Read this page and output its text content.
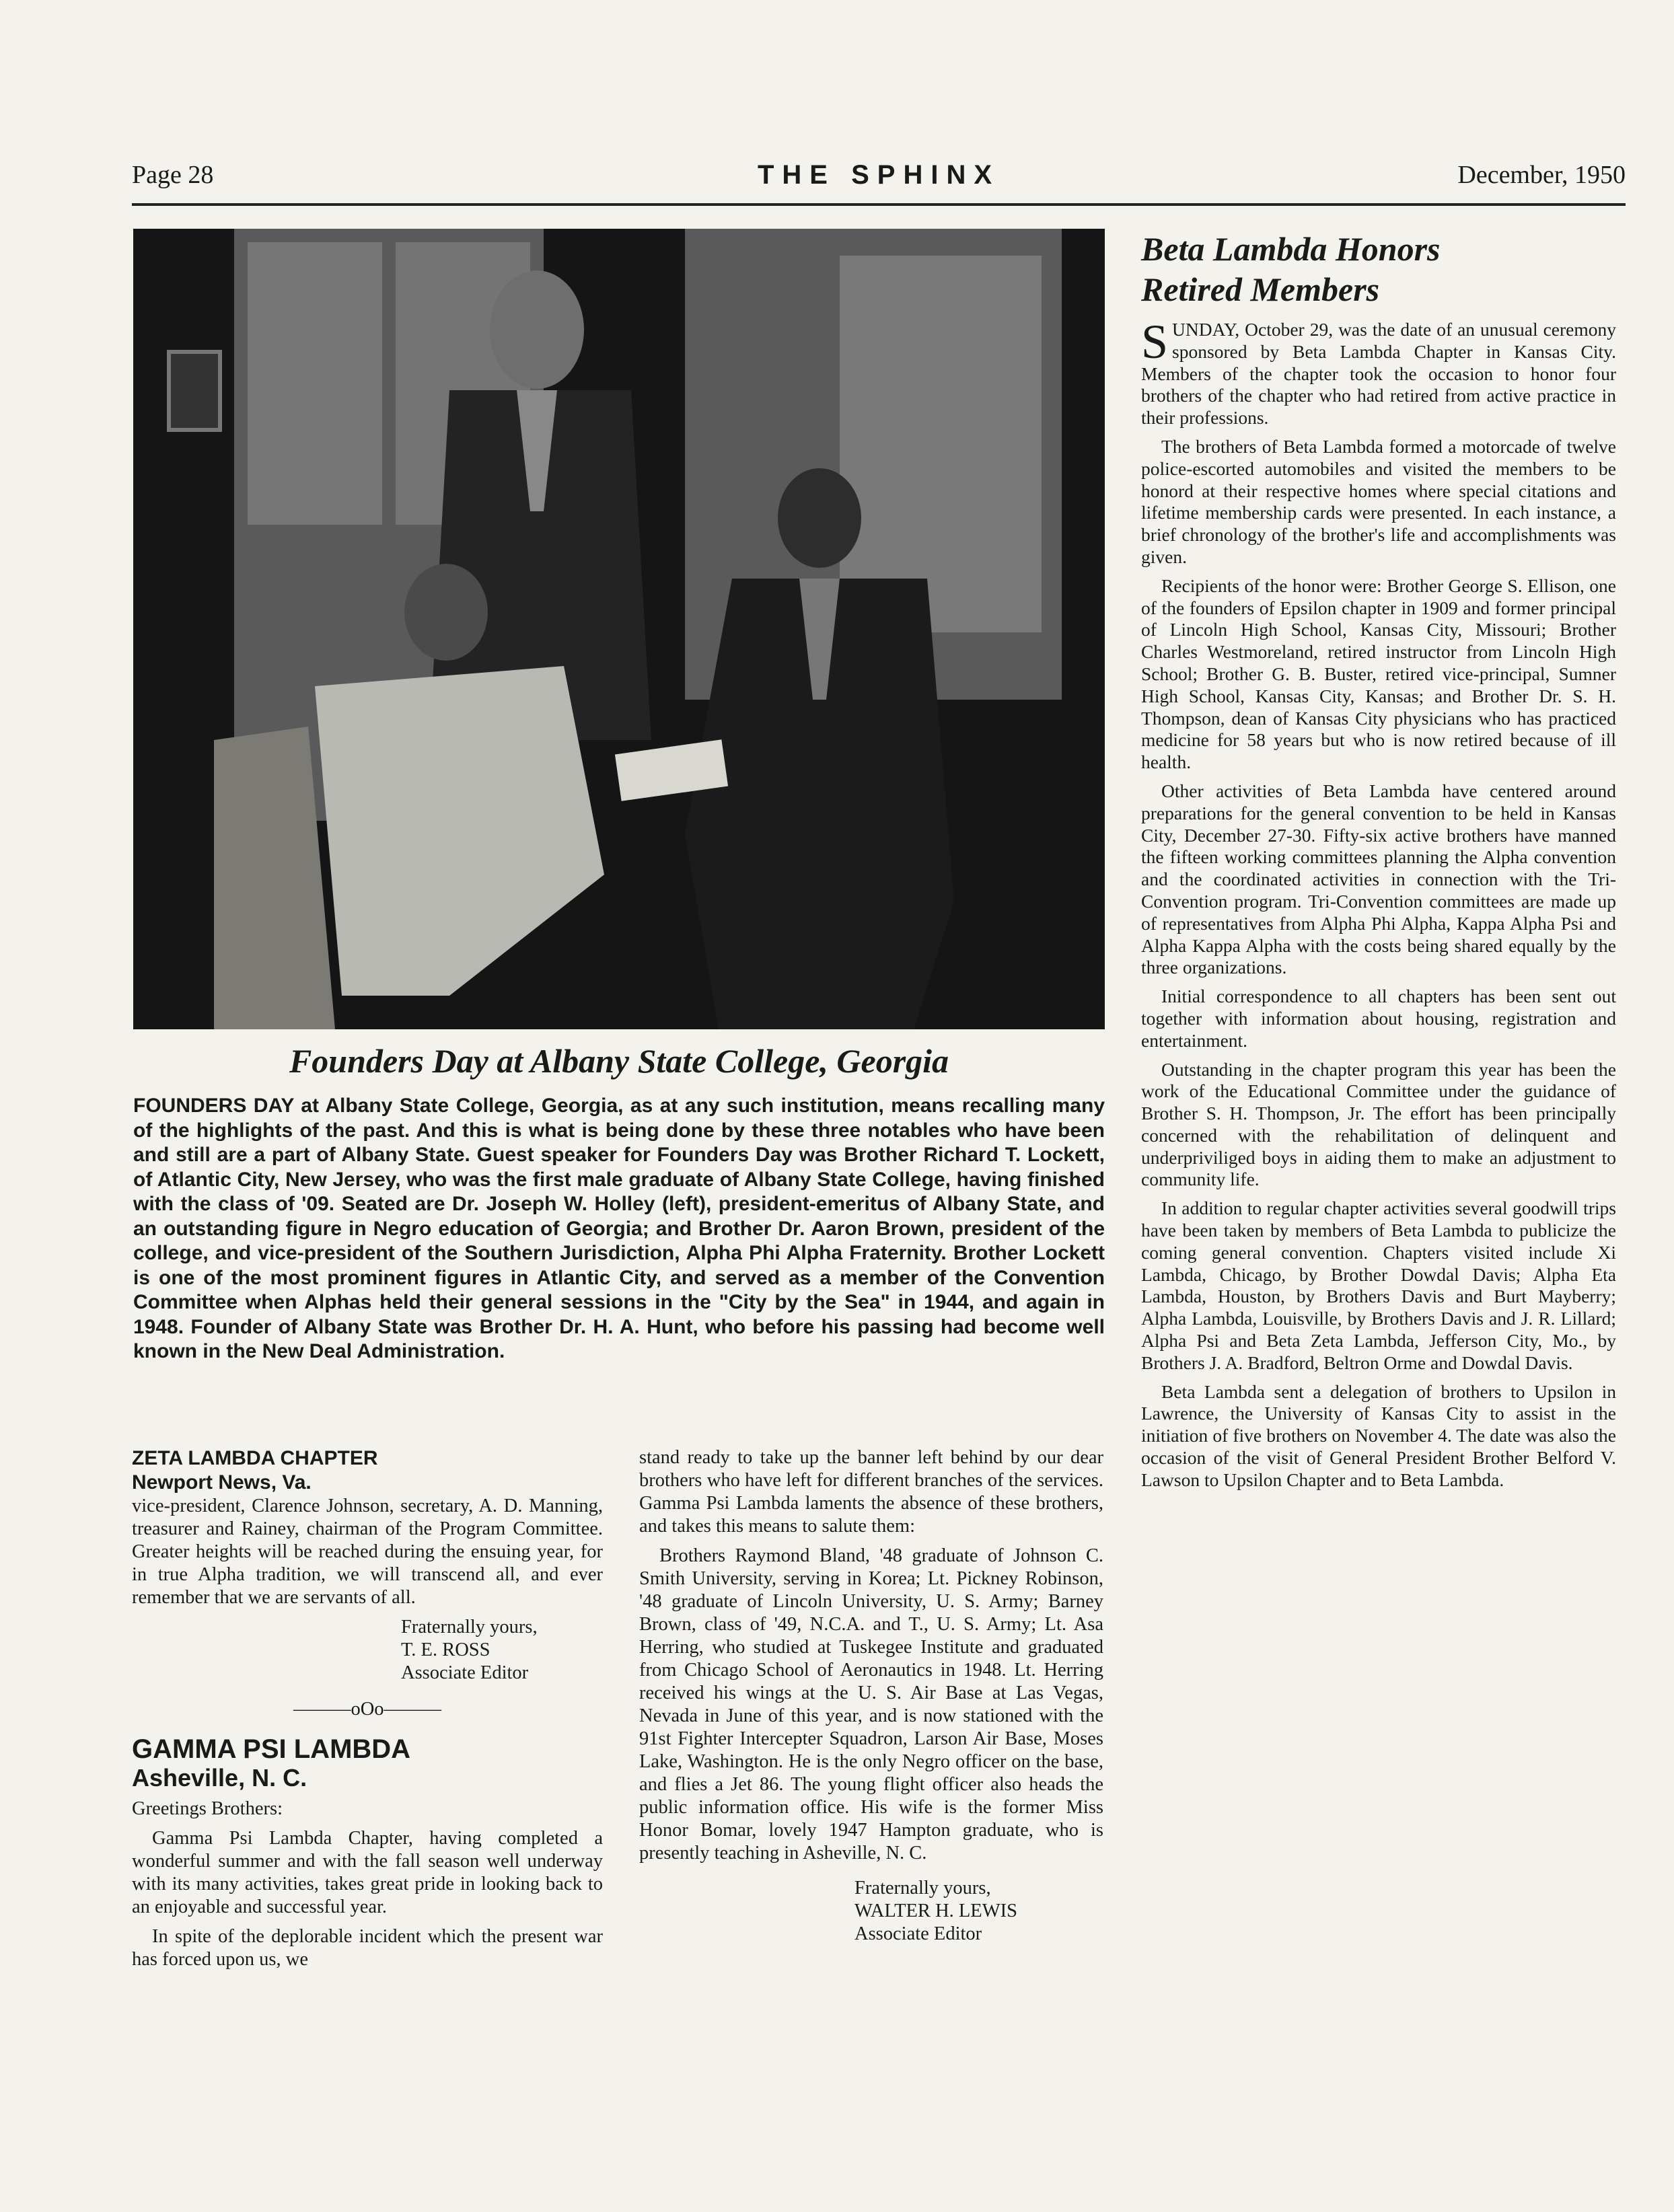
Page 28	THE SPHINX	December, 1950
Founders Day at Albany State College, Georgia
FOUNDERS DAY at Albany State College, Georgia, as at any such institution, means recalling many of the highlights of the past. And this is what is being done by these three notables who have been and still are a part of Albany State. Guest speaker for Founders Day was Brother Richard T. Lockett, of Atlantic City, New Jersey, who was the first male graduate of Albany State College, having finished with the class of '09. Seated are Dr. Joseph W. Holley (left), president-emeritus of Albany State, and an outstanding figure in Negro education of Georgia; and Brother Dr. Aaron Brown, president of the college, and vice-president of the Southern Jurisdiction, Alpha Phi Alpha Fraternity. Brother Lockett is one of the most prominent figures in Atlantic City, and served as a member of the Convention Committee when Alphas held their general sessions in the "City by the Sea" in 1944, and again in 1948. Founder of Albany State was Brother Dr. H. A. Hunt, who before his passing had become well known in the New Deal Administration.
ZETA LAMBDA CHAPTER
Newport News, Va.

vice-president, Clarence Johnson, secretary, A. D. Manning, treasurer and Rainey, chairman of the Program Committee. Greater heights will be reached during the ensuing year, for in true Alpha tradition, we will transcend all, and ever remember that we are servants of all.

Fraternally yours,

T. E. ROSS

Associate Editor

———oOo———

GAMMA PSI LAMBDA
Asheville, N. C.

Greetings Brothers:

Gamma Psi Lambda Chapter, having completed a wonderful summer and with the fall season well underway with its many activities, takes great pride in looking back to an enjoyable and successful year.

In spite of the deplorable incident which the present war has forced upon us, we

stand ready to take up the banner left behind by our dear brothers who have left for different branches of the services. Gamma Psi Lambda laments the absence of these brothers, and takes this means to salute them:

Brothers Raymond Bland, '48 graduate of Johnson C. Smith University, serving in Korea; Lt. Pickney Robinson, '48 graduate of Lincoln University, U. S. Army; Barney Brown, class of '49, N.C.A. and T., U. S. Army; Lt. Asa Herring, who studied at Tuskegee Institute and graduated from Chicago School of Aeronautics in 1948. Lt. Herring received his wings at the U. S. Air Base at Las Vegas, Nevada in June of this year, and is now stationed with the 91st Fighter Intercepter Squadron, Larson Air Base, Moses Lake, Washington. He is the only Negro officer on the base, and flies a Jet 86. The young flight officer also heads the public information office. His wife is the former Miss Honor Bomar, lovely 1947 Hampton graduate, who is presently teaching in Asheville, N. C.

Fraternally yours,

WALTER H. LEWIS

Associate Editor

Beta Lambda Honors
Retired Members

SUNDAY, October 29, was the date of an unusual ceremony sponsored by Beta Lambda Chapter in Kansas City. Members of the chapter took the occasion to honor four brothers of the chapter who had retired from active practice in their professions.

The brothers of Beta Lambda formed a motorcade of twelve police-escorted automobiles and visited the members to be honord at their respective homes where special citations and lifetime membership cards were presented. In each instance, a brief chronology of the brother's life and accomplishments was given.

Recipients of the honor were: Brother George S. Ellison, one of the founders of Epsilon chapter in 1909 and former principal of Lincoln High School, Kansas City, Missouri; Brother Charles Westmoreland, retired instructor from Lincoln High School; Brother G. B. Buster, retired vice-principal, Sumner High School, Kansas City, Kansas; and Brother Dr. S. H. Thompson, dean of Kansas City physicians who has practiced medicine for 58 years but who is now retired because of ill health.

Other activities of Beta Lambda have centered around preparations for the general convention to be held in Kansas City, December 27-30. Fifty-six active brothers have manned the fifteen working committees planning the Alpha convention and the coordinated activities in connection with the Tri-Convention program. Tri-Convention committees are made up of representatives from Alpha Phi Alpha, Kappa Alpha Psi and Alpha Kappa Alpha with the costs being shared equally by the three organizations.

Initial correspondence to all chapters has been sent out together with information about housing, registration and entertainment.

Outstanding in the chapter program this year has been the work of the Educational Committee under the guidance of Brother S. H. Thompson, Jr. The effort has been principally concerned with the rehabilitation of delinquent and underpriviliged boys in aiding them to make an adjustment to community life.

In addition to regular chapter activities several goodwill trips have been taken by members of Beta Lambda to publicize the coming general convention. Chapters visited include Xi Lambda, Chicago, by Brother Dowdal Davis; Alpha Eta Lambda, Houston, by Brothers Davis and Burt Mayberry; Alpha Lambda, Louisville, by Brothers Davis and J. R. Lillard; Alpha Psi and Beta Zeta Lambda, Jefferson City, Mo., by Brothers J. A. Bradford, Beltron Orme and Dowdal Davis.

Beta Lambda sent a delegation of brothers to Upsilon in Lawrence, the University of Kansas City to assist in the initiation of five brothers on November 4. The date was also the occasion of the visit of General President Brother Belford V. Lawson to Upsilon Chapter and to Beta Lambda.
